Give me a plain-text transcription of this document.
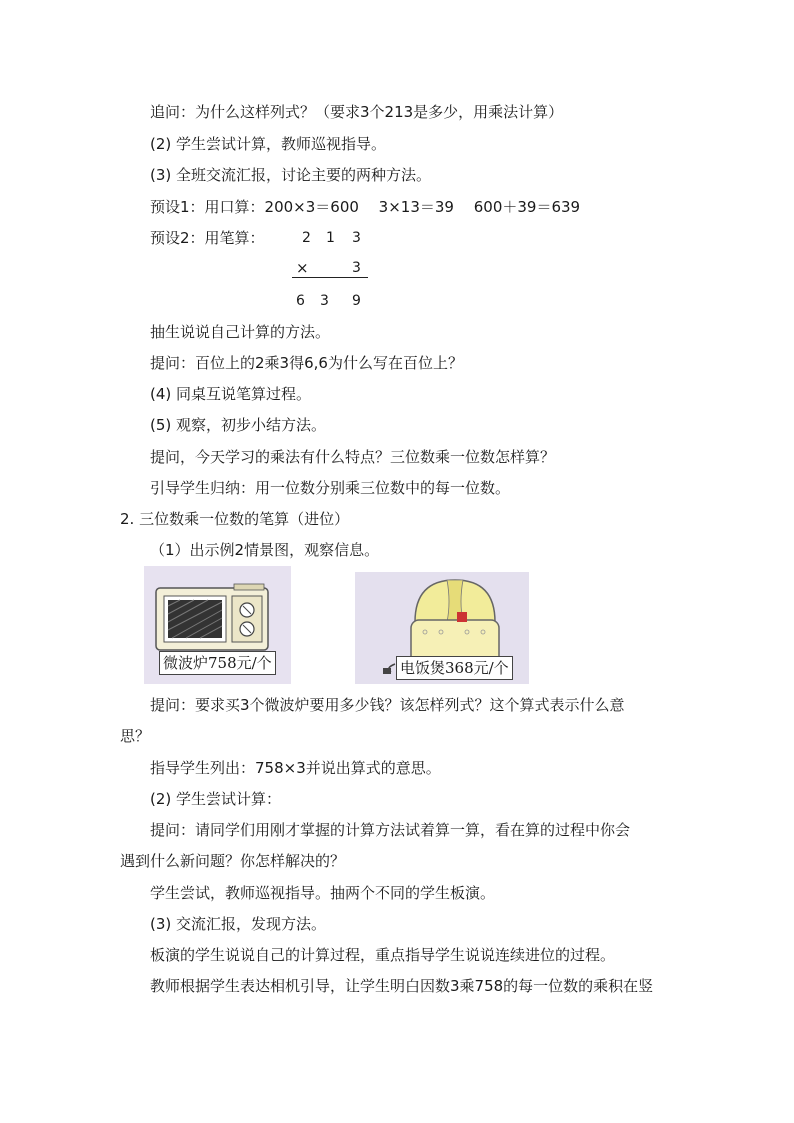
追问：为什么这样列式？（要求3个213是多少，用乘法计算）
(2) 学生尝试计算，教师巡视指导。
(3) 全班交流汇报，讨论主要的两种方法。
预设1：用口算：200×3＝600　 3×13＝39　 600＋39＝639
预设2：用笔算：	2 1 3
×	3
6 3 9
抽生说说自己计算的方法。
提问：百位上的2乘3得6,6为什么写在百位上？
(4) 同桌互说笔算过程。
(5) 观察，初步小结方法。
提问，今天学习的乘法有什么特点？三位数乘一位数怎样算？
引导学生归纳：用一位数分别乘三位数中的每一位数。
2. 三位数乘一位数的笔算（进位）
（1）出示例2情景图，观察信息。
微波炉758元/个	电饭煲368元/个
提问：要求买3个微波炉要用多少钱？该怎样列式？这个算式表示什么意
思？
指导学生列出：758×3并说出算式的意思。
(2) 学生尝试计算：
提问：请同学们用刚才掌握的计算方法试着算一算，看在算的过程中你会
遇到什么新问题？你怎样解决的？
学生尝试，教师巡视指导。抽两个不同的学生板演。
(3) 交流汇报，发现方法。
板演的学生说说自己的计算过程，重点指导学生说说连续进位的过程。
教师根据学生表达相机引导，让学生明白因数3乘758的每一位数的乘积在竖
